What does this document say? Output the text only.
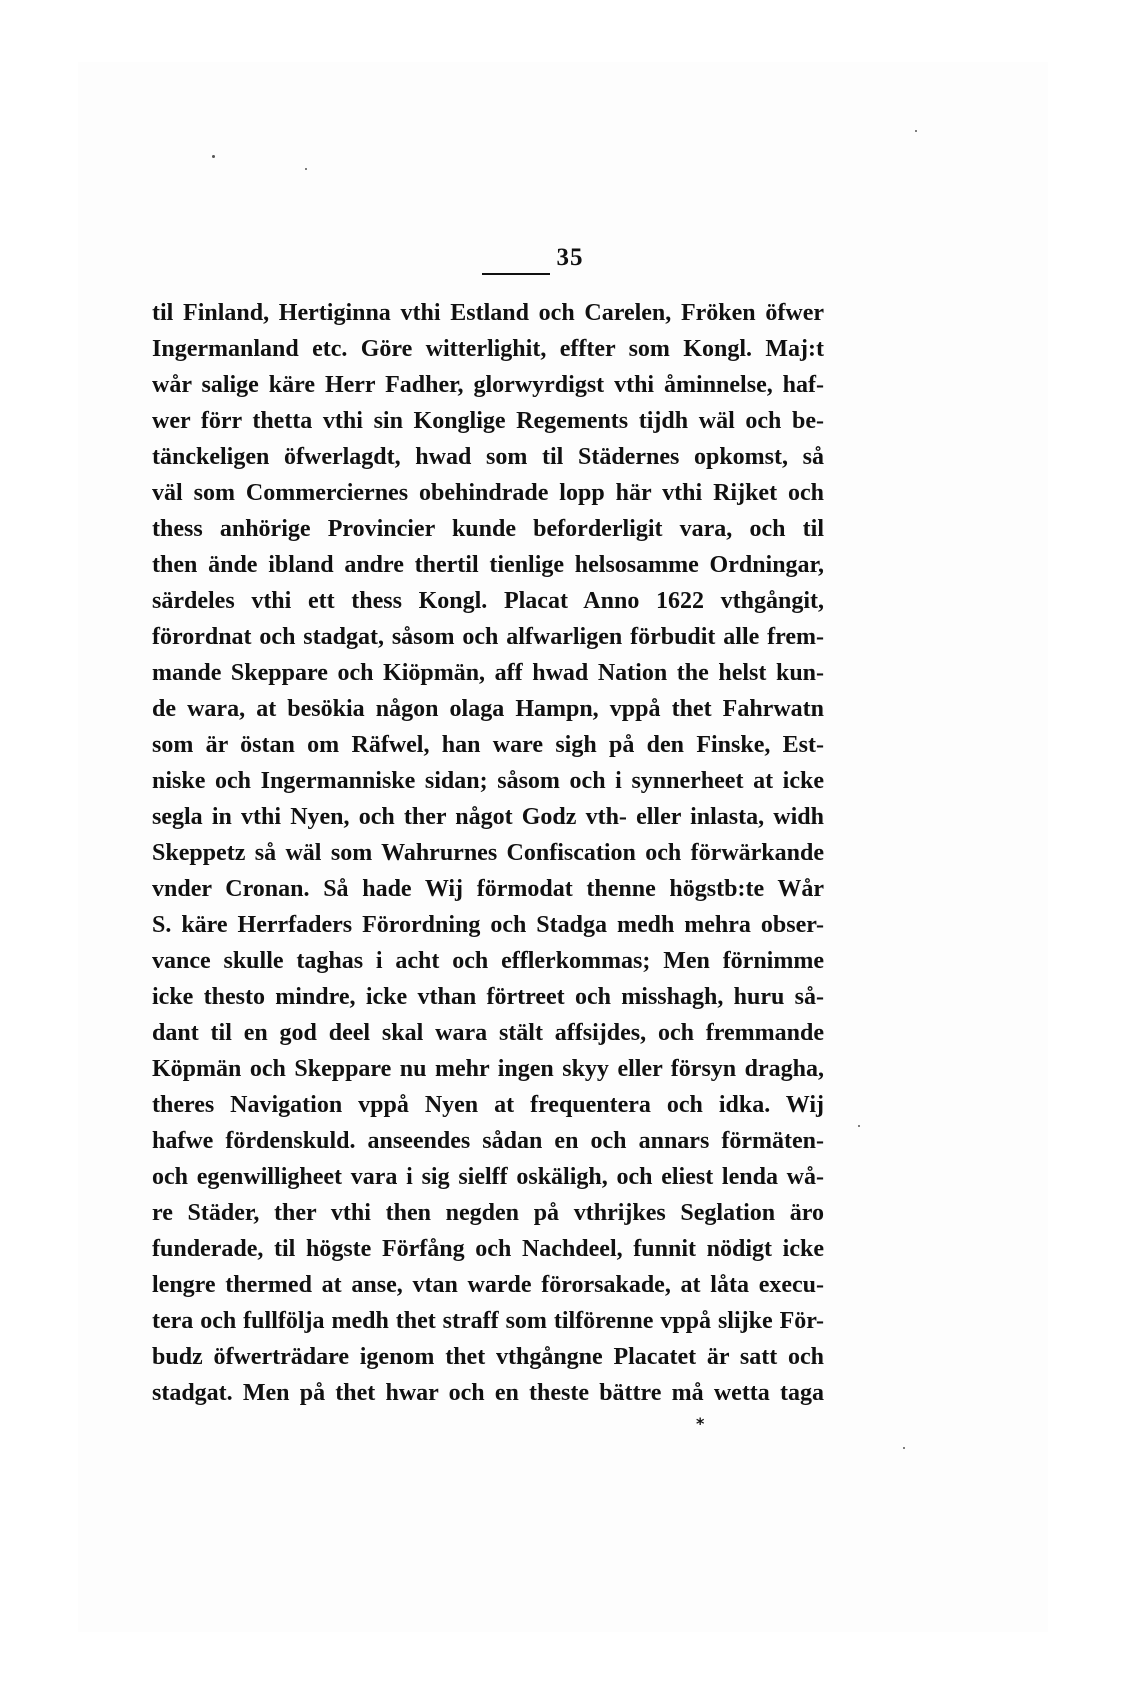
35
til Finland, Hertiginna vthi Estland och Carelen, Fröken öfwer
Ingermanland etc. Göre witterlighit, effter som Kongl. Maj:t
wår salige käre Herr Fadher, glorwyrdigst vthi åminnelse, haf-
wer förr thetta vthi sin Konglige Regements tijdh wäl och be-
tänckeligen öfwerlagdt, hwad som til Städernes opkomst, så
väl som Commerciernes obehindrade lopp här vthi Rijket och
thess anhörige Provincier kunde beforderligit vara, och til
then ände ibland andre thertil tienlige helsosamme Ordningar,
särdeles vthi ett thess Kongl. Placat Anno 1622 vthgångit,
förordnat och stadgat, såsom och alfwarligen förbudit alle frem-
mande Skeppare och Kiöpmän, aff hwad Nation the helst kun-
de wara, at besökia någon olaga Hampn, vppå thet Fahrwatn
som är östan om Räfwel, han ware sigh på den Finske, Est-
niske och Ingermanniske sidan; såsom och i synnerheet at icke
segla in vthi Nyen, och ther något Godz vth- eller inlasta, widh
Skeppetz så wäl som Wahrurnes Confiscation och förwärkande
vnder Cronan. Så hade Wij förmodat thenne högstb:te Wår
S. käre Herrfaders Förordning och Stadga medh mehra obser-
vance skulle taghas i acht och efflerkommas; Men förnimme
icke thesto mindre, icke vthan förtreet och misshagh, huru så-
dant til en god deel skal wara stält affsijdes, och fremmande
Köpmän och Skeppare nu mehr ingen skyy eller försyn dragha,
theres Navigation vppå Nyen at frequentera och idka. Wij
hafwe fördenskuld. anseendes sådan en och annars förmäten-
och egenwilligheet vara i sig sielff oskäligh, och eliest lenda wå-
re Städer, ther vthi then negden på vthrijkes Seglation äro
funderade, til högste Förfång och Nachdeel, funnit nödigt icke
lengre thermed at anse, vtan warde förorsakade, at låta execu-
tera och fullfölja medh thet straff som tilförenne vppå slijke För-
budz öfwerträdare igenom thet vthgångne Placatet är satt och
stadgat. Men på thet hwar och en theste bättre må wetta taga
*
